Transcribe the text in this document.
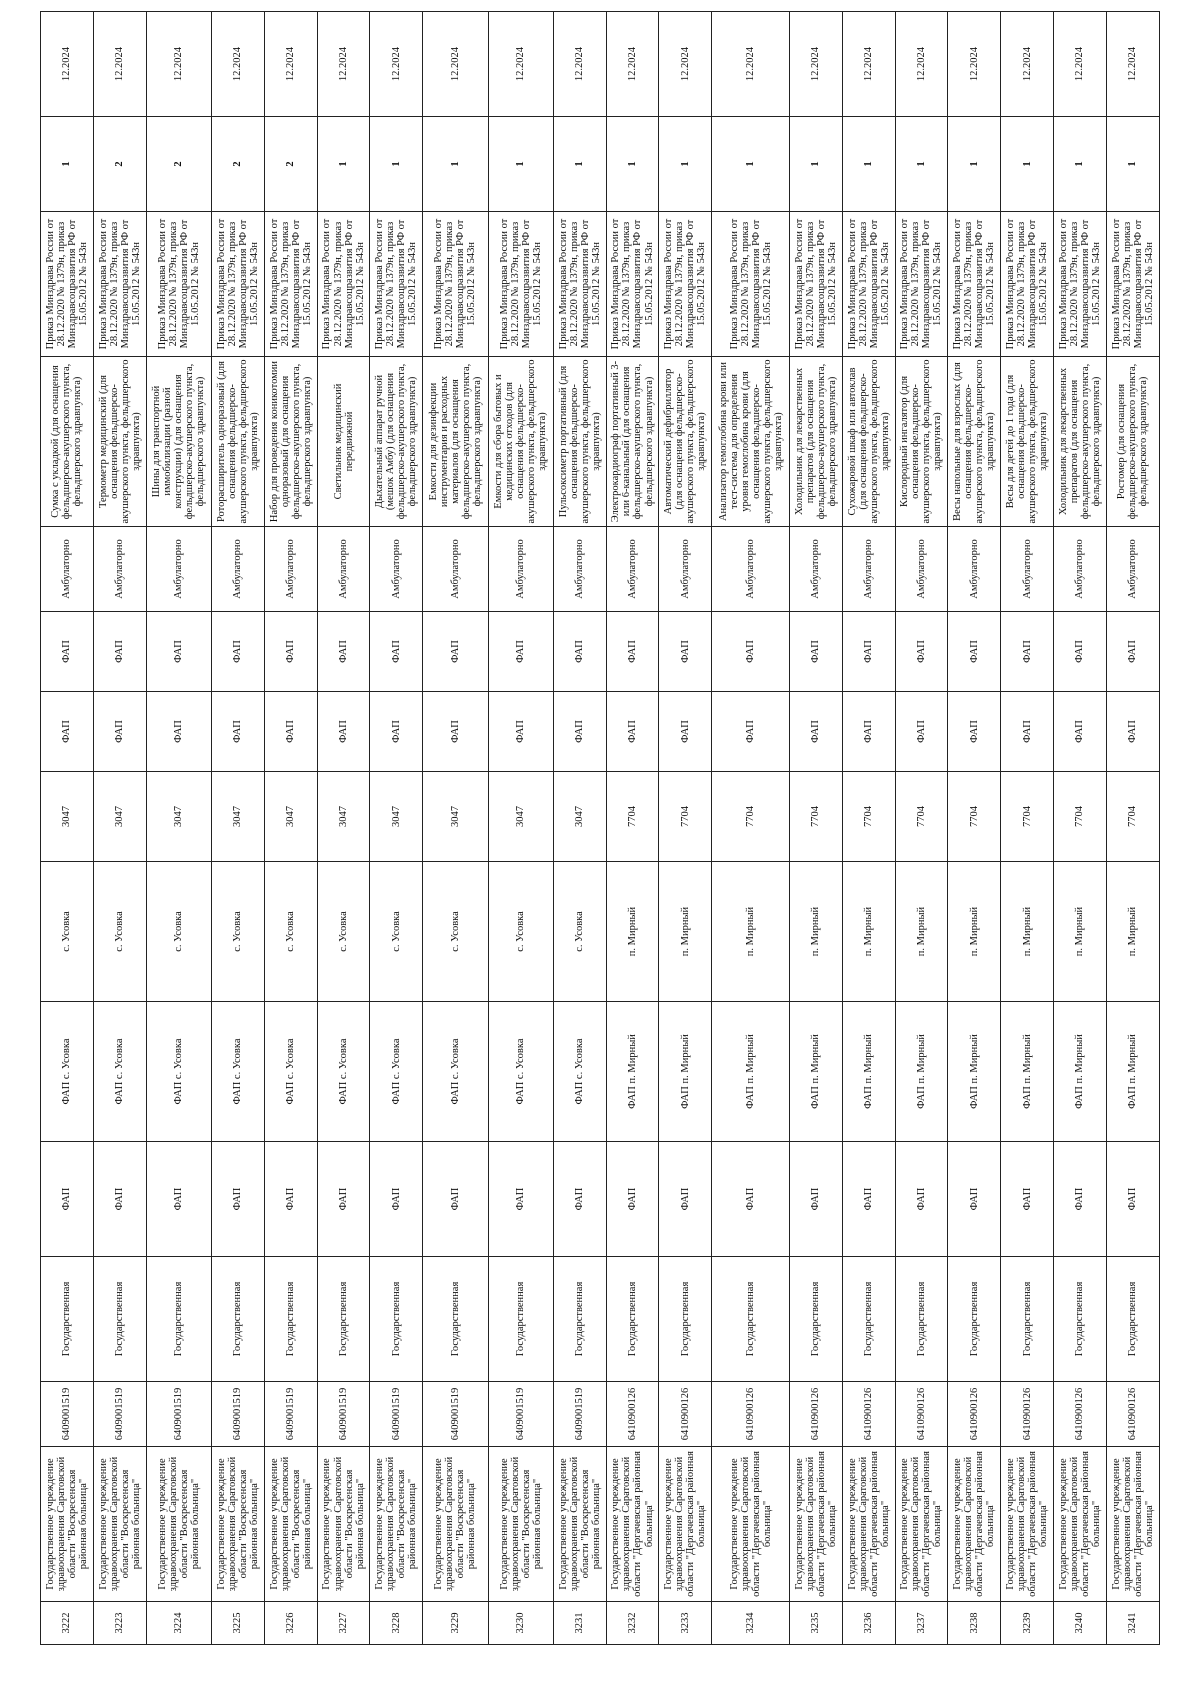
3222	Государственное учреждение здравоохранения Саратовской области "Воскресенская районная больница"	6409001519	Государственная	ФАП	ФАП с. Усовка	с. Усовка	3047	ФАП	ФАП	Амбулаторно	Сумка с укладкой (для оснащения фельдшерско-акушерского пункта, фельдшерского здравпункта)	Приказ Минздрава России от 28.12.2020 № 1379н, приказ Минздравсоцразвития РФ от 15.05.2012 № 543н	1	12.2024
3223	Государственное учреждение здравоохранения Саратовской области "Воскресенская районная больница"	6409001519	Государственная	ФАП	ФАП с. Усовка	с. Усовка	3047	ФАП	ФАП	Амбулаторно	Термометр медицинский (для оснащения фельдшерско-акушерского пункта, фельдшерского здравпункта)	Приказ Минздрава России от 28.12.2020 № 1379н, приказ Минздравсоцразвития РФ от 15.05.2012 № 543н	2	12.2024
3224	Государственное учреждение здравоохранения Саратовской области "Воскресенская районная больница"	6409001519	Государственная	ФАП	ФАП с. Усовка	с. Усовка	3047	ФАП	ФАП	Амбулаторно	Шины для транспортной иммобилизации (разной конструкции) (для оснащения фельдшерско-акушерского пункта, фельдшерского здравпункта)	Приказ Минздрава России от 28.12.2020 № 1379н, приказ Минздравсоцразвития РФ от 15.05.2012 № 543н	2	12.2024
3225	Государственное учреждение здравоохранения Саратовской области "Воскресенская районная больница"	6409001519	Государственная	ФАП	ФАП с. Усовка	с. Усовка	3047	ФАП	ФАП	Амбулаторно	Роторасширитель одноразовый (для оснащения фельдшерско-акушерского пункта, фельдшерского здравпункта)	Приказ Минздрава России от 28.12.2020 № 1379н, приказ Минздравсоцразвития РФ от 15.05.2012 № 543н	2	12.2024
3226	Государственное учреждение здравоохранения Саратовской области "Воскресенская районная больница"	6409001519	Государственная	ФАП	ФАП с. Усовка	с. Усовка	3047	ФАП	ФАП	Амбулаторно	Набор для проведения коникотомии одноразовый (для оснащения фельдшерско-акушерского пункта, фельдшерского здравпункта)	Приказ Минздрава России от 28.12.2020 № 1379н, приказ Минздравсоцразвития РФ от 15.05.2012 № 543н	2	12.2024
3227	Государственное учреждение здравоохранения Саратовской области "Воскресенская районная больница"	6409001519	Государственная	ФАП	ФАП с. Усовка	с. Усовка	3047	ФАП	ФАП	Амбулаторно	Светильник медицинский передвижной	Приказ Минздрава России от 28.12.2020 № 1379н, приказ Минздравсоцразвития РФ от 15.05.2012 № 543н	1	12.2024
3228	Государственное учреждение здравоохранения Саратовской области "Воскресенская районная больница"	6409001519	Государственная	ФАП	ФАП с. Усовка	с. Усовка	3047	ФАП	ФАП	Амбулаторно	Дыхательный аппарат ручной (мешок Амбу) (для оснащения фельдшерско-акушерского пункта, фельдшерского здравпункта)	Приказ Минздрава России от 28.12.2020 № 1379н, приказ Минздравсоцразвития РФ от 15.05.2012 № 543н	1	12.2024
3229	Государственное учреждение здравоохранения Саратовской области "Воскресенская районная больница"	6409001519	Государственная	ФАП	ФАП с. Усовка	с. Усовка	3047	ФАП	ФАП	Амбулаторно	Емкости для дезинфекции инструментария и расходных материалов (для оснащения фельдшерско-акушерского пункта, фельдшерского здравпункта)	Приказ Минздрава России от 28.12.2020 № 1379н, приказ Минздравсоцразвития РФ от 15.05.2012 № 543н	1	12.2024
3230	Государственное учреждение здравоохранения Саратовской области "Воскресенская районная больница"	6409001519	Государственная	ФАП	ФАП с. Усовка	с. Усовка	3047	ФАП	ФАП	Амбулаторно	Емкости для сбора бытовых и медицинских отходов (для оснащения фельдшерско-акушерского пункта, фельдшерского здравпункта)	Приказ Минздрава России от 28.12.2020 № 1379н, приказ Минздравсоцразвития РФ от 15.05.2012 № 543н	1	12.2024
3231	Государственное учреждение здравоохранения Саратовской области "Воскресенская районная больница"	6409001519	Государственная	ФАП	ФАП с. Усовка	с. Усовка	3047	ФАП	ФАП	Амбулаторно	Пульсоксиметр портативный (для оснащения фельдшерско-акушерского пункта, фельдшерского здравпункта)	Приказ Минздрава России от 28.12.2020 № 1379н, приказ Минздравсоцразвития РФ от 15.05.2012 № 543н	1	12.2024
3232	Государственное учреждение здравоохранения Саратовской области "Дергачевская районная больница"	6410900126	Государственная	ФАП	ФАП п. Мирный	п. Мирный	7704	ФАП	ФАП	Амбулаторно	Электрокардиограф портативный 3-или 6-канальный (для оснащения фельдшерско-акушерского пункта, фельдшерского здравпункта)	Приказ Минздрава России от 28.12.2020 № 1379н, приказ Минздравсоцразвития РФ от 15.05.2012 № 543н	1	12.2024
3233	Государственное учреждение здравоохранения Саратовской области "Дергачевская районная больница"	6410900126	Государственная	ФАП	ФАП п. Мирный	п. Мирный	7704	ФАП	ФАП	Амбулаторно	Автоматический дефибриллятор (для оснащения фельдшерско-акушерского пункта, фельдшерского здравпункта)	Приказ Минздрава России от 28.12.2020 № 1379н, приказ Минздравсоцразвития РФ от 15.05.2012 № 543н	1	12.2024
3234	Государственное учреждение здравоохранения Саратовской области "Дергачевская районная больница"	6410900126	Государственная	ФАП	ФАП п. Мирный	п. Мирный	7704	ФАП	ФАП	Амбулаторно	Анализатор гемоглобина крови или тест-система для определения уровня гемоглобина крови (для оснащения фельдшерско-акушерского пункта, фельдшерского здравпункта)	Приказ Минздрава России от 28.12.2020 № 1379н, приказ Минздравсоцразвития РФ от 15.05.2012 № 543н	1	12.2024
3235	Государственное учреждение здравоохранения Саратовской области "Дергачевская районная больница"	6410900126	Государственная	ФАП	ФАП п. Мирный	п. Мирный	7704	ФАП	ФАП	Амбулаторно	Холодильник для лекарственных препаратов (для оснащения фельдшерско-акушерского пункта, фельдшерского здравпункта)	Приказ Минздрава России от 28.12.2020 № 1379н, приказ Минздравсоцразвития РФ от 15.05.2012 № 543н	1	12.2024
3236	Государственное учреждение здравоохранения Саратовской области "Дергачевская районная больница"	6410900126	Государственная	ФАП	ФАП п. Мирный	п. Мирный	7704	ФАП	ФАП	Амбулаторно	Сухожаровой шкаф или автоклав (для оснащения фельдшерско-акушерского пункта, фельдшерского здравпункта)	Приказ Минздрава России от 28.12.2020 № 1379н, приказ Минздравсоцразвития РФ от 15.05.2012 № 543н	1	12.2024
3237	Государственное учреждение здравоохранения Саратовской области "Дергачевская районная больница"	6410900126	Государственная	ФАП	ФАП п. Мирный	п. Мирный	7704	ФАП	ФАП	Амбулаторно	Кислородный ингалятор (для оснащения фельдшерско-акушерского пункта, фельдшерского здравпункта)	Приказ Минздрава России от 28.12.2020 № 1379н, приказ Минздравсоцразвития РФ от 15.05.2012 № 543н	1	12.2024
3238	Государственное учреждение здравоохранения Саратовской области "Дергачевская районная больница"	6410900126	Государственная	ФАП	ФАП п. Мирный	п. Мирный	7704	ФАП	ФАП	Амбулаторно	Весы напольные для взрослых (для оснащения фельдшерско-акушерского пункта, фельдшерского здравпункта)	Приказ Минздрава России от 28.12.2020 № 1379н, приказ Минздравсоцразвития РФ от 15.05.2012 № 543н	1	12.2024
3239	Государственное учреждение здравоохранения Саратовской области "Дергачевская районная больница"	6410900126	Государственная	ФАП	ФАП п. Мирный	п. Мирный	7704	ФАП	ФАП	Амбулаторно	Весы для детей до 1 года (для оснащения фельдшерско-акушерского пункта, фельдшерского здравпункта)	Приказ Минздрава России от 28.12.2020 № 1379н, приказ Минздравсоцразвития РФ от 15.05.2012 № 543н	1	12.2024
3240	Государственное учреждение здравоохранения Саратовской области "Дергачевская районная больница"	6410900126	Государственная	ФАП	ФАП п. Мирный	п. Мирный	7704	ФАП	ФАП	Амбулаторно	Холодильник для лекарственных препаратов (для оснащения фельдшерско-акушерского пункта, фельдшерского здравпункта)	Приказ Минздрава России от 28.12.2020 № 1379н, приказ Минздравсоцразвития РФ от 15.05.2012 № 543н	1	12.2024
3241	Государственное учреждение здравоохранения Саратовской области "Дергачевская районная больница"	6410900126	Государственная	ФАП	ФАП п. Мирный	п. Мирный	7704	ФАП	ФАП	Амбулаторно	Ростомер (для оснащения фельдшерско-акушерского пункта, фельдшерского здравпункта)	Приказ Минздрава России от 28.12.2020 № 1379н, приказ Минздравсоцразвития РФ от 15.05.2012 № 543н	1	12.2024
